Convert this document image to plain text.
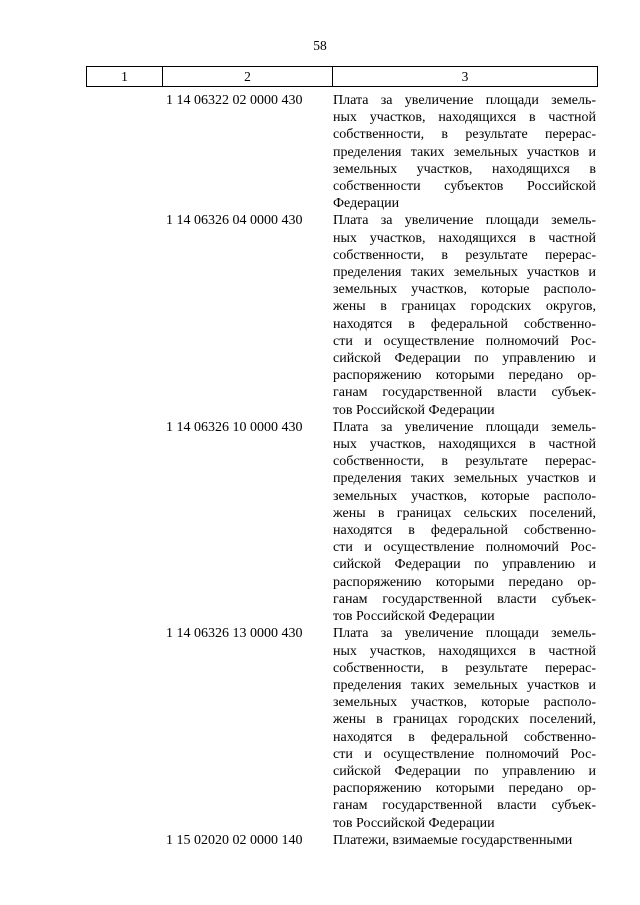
58
1	2	3
1 14 06322 02 0000 430	Плата за увеличение площади земель-
ных участков, находящихся в частной
собственности, в результате перерас-
пределения таких земельных участков и
земельных участков, находящихся в
собственности субъектов Российской
Федерации
1 14 06326 04 0000 430	Плата за увеличение площади земель-
ных участков, находящихся в частной
собственности, в результате перерас-
пределения таких земельных участков и
земельных участков, которые располо-
жены в границах городских округов,
находятся в федеральной собственно-
сти и осуществление полномочий Рос-
сийской Федерации по управлению и
распоряжению которыми передано ор-
ганам государственной власти субъек-
тов Российской Федерации
1 14 06326 10 0000 430	Плата за увеличение площади земель-
ных участков, находящихся в частной
собственности, в результате перерас-
пределения таких земельных участков и
земельных участков, которые располо-
жены в границах сельских поселений,
находятся в федеральной собственно-
сти и осуществление полномочий Рос-
сийской Федерации по управлению и
распоряжению которыми передано ор-
ганам государственной власти субъек-
тов Российской Федерации
1 14 06326 13 0000 430	Плата за увеличение площади земель-
ных участков, находящихся в частной
собственности, в результате перерас-
пределения таких земельных участков и
земельных участков, которые располо-
жены в границах городских поселений,
находятся в федеральной собственно-
сти и осуществление полномочий Рос-
сийской Федерации по управлению и
распоряжению которыми передано ор-
ганам государственной власти субъек-
тов Российской Федерации
1 15 02020 02 0000 140	Платежи, взимаемые государственными
